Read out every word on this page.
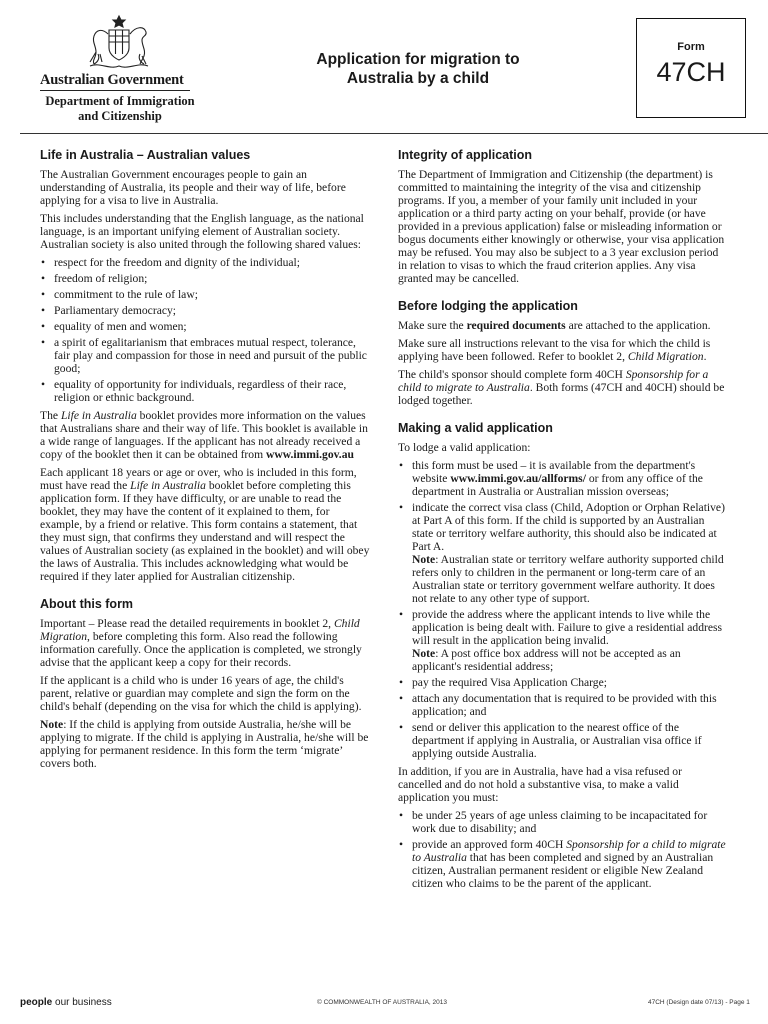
Australian Government
Department of Immigration
and Citizenship
Application for migration to
Australia by a child
Form
47CH
Life in Australia – Australian values

The Australian Government encourages people to gain an understanding of Australia, its people and their way of life, before applying for a visa to live in Australia.

This includes understanding that the English language, as the national language, is an important unifying element of Australian society. Australian society is also united through the following shared values:

• respect for the freedom and dignity of the individual;
• freedom of religion;
• commitment to the rule of law;
• Parliamentary democracy;
• equality of men and women;
• a spirit of egalitarianism that embraces mutual respect, tolerance, fair play and compassion for those in need and pursuit of the public good;
• equality of opportunity for individuals, regardless of their race, religion or ethnic background.

The Life in Australia booklet provides more information on the values that Australians share and their way of life. This booklet is available in a wide range of languages. If the applicant has not already received a copy of the booklet then it can be obtained from www.immi.gov.au

Each applicant 18 years or age or over, who is included in this form, must have read the Life in Australia booklet before completing this application form. If they have difficulty, or are unable to read the booklet, they may have the content of it explained to them, for example, by a friend or relative. This form contains a statement, that they must sign, that confirms they understand and will respect the values of Australian society (as explained in the booklet) and will obey the laws of Australia. This includes acknowledging what would be required if they later applied for Australian citizenship.

About this form

Important – Please read the detailed requirements in booklet 2, Child Migration, before completing this form. Also read the following information carefully. Once the application is completed, we strongly advise that the applicant keep a copy for their records.

If the applicant is a child who is under 16 years of age, the child's parent, relative or guardian may complete and sign the form on the child's behalf (depending on the visa for which the child is applying).

Note: If the child is applying from outside Australia, he/she will be applying to migrate. If the child is applying in Australia, he/she will be applying for permanent residence. In this form the term ‘migrate’ covers both.

Integrity of application

The Department of Immigration and Citizenship (the department) is committed to maintaining the integrity of the visa and citizenship programs. If you, a member of your family unit included in your application or a third party acting on your behalf, provide (or have provided in a previous application) false or misleading information or bogus documents either knowingly or otherwise, your visa application may be refused. You may also be subject to a 3 year exclusion period in relation to visas to which the fraud criterion applies. Any visa granted may be cancelled.

Before lodging the application

Make sure the required documents are attached to the application.

Make sure all instructions relevant to the visa for which the child is applying have been followed. Refer to booklet 2, Child Migration.

The child's sponsor should complete form 40CH Sponsorship for a child to migrate to Australia. Both forms (47CH and 40CH) should be lodged together.

Making a valid application

To lodge a valid application:

• this form must be used – it is available from the department's website www.immi.gov.au/allforms/ or from any office of the department in Australia or Australian mission overseas;
• indicate the correct visa class (Child, Adoption or Orphan Relative) at Part A of this form. If the child is supported by an Australian state or territory welfare authority, this should also be indicated at Part A.
Note: Australian state or territory welfare authority supported child refers only to children in the permanent or long-term care of an Australian state or territory government welfare authority. It does not relate to any other type of support.
• provide the address where the applicant intends to live while the application is being dealt with. Failure to give a residential address will result in the application being invalid.
Note: A post office box address will not be accepted as an applicant's residential address;
• pay the required Visa Application Charge;
• attach any documentation that is required to be provided with this application; and
• send or deliver this application to the nearest office of the department if applying in Australia, or Australian visa office if applying outside Australia.

In addition, if you are in Australia, have had a visa refused or cancelled and do not hold a substantive visa, to make a valid application you must:

• be under 25 years of age unless claiming to be incapacitated for work due to disability; and
• provide an approved form 40CH Sponsorship for a child to migrate to Australia that has been completed and signed by an Australian citizen, Australian permanent resident or eligible New Zealand citizen who claims to be the parent of the applicant.
people our business	© COMMONWEALTH OF AUSTRALIA, 2013	47CH (Design date 07/13) - Page 1
